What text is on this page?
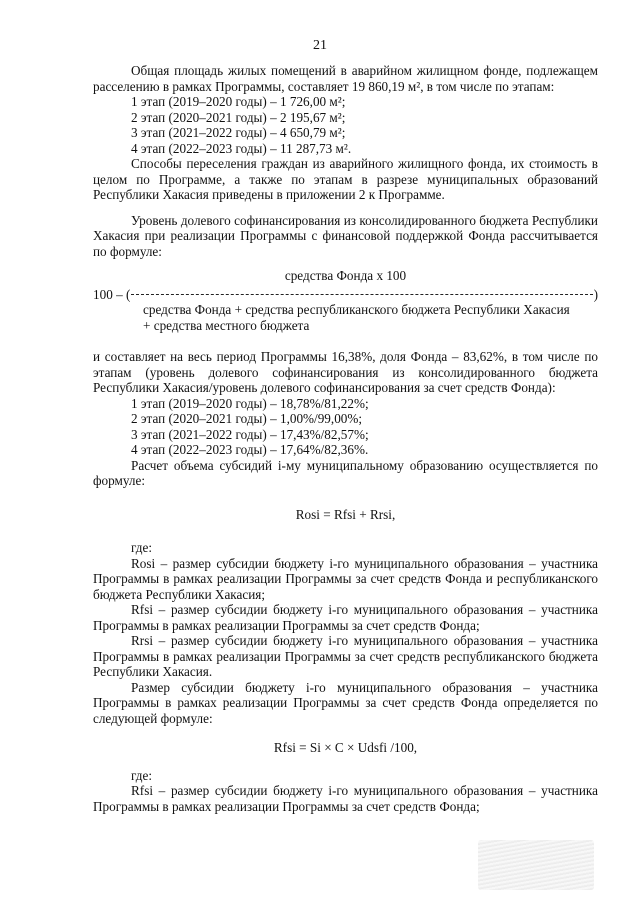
21

Общая площадь жилых помещений в аварийном жилищном фонде, подлежащем расселению в рамках Программы, составляет 19 860,19 м², в том числе по этапам:

1 этап (2019–2020 годы) – 1 726,00 м²;

2 этап (2020–2021 годы) – 2 195,67 м²;

3 этап (2021–2022 годы) – 4 650,79 м²;

4 этап (2022–2023 годы) – 11 287,73 м².

Способы переселения граждан из аварийного жилищного фонда, их стоимость в целом по Программе, а также по этапам в разрезе муниципальных образований Республики Хакасия приведены в приложении 2 к Программе.

Уровень долевого софинансирования из консолидированного бюджета Республики Хакасия при реализации Программы с финансовой поддержкой Фонда рассчитывается по формуле:

средства Фонда x 100

100 – (	)

средства Фонда + средства республиканского бюджета Республики Хакасия

+ средства местного бюджета

и составляет на весь период Программы 16,38%, доля Фонда – 83,62%, в том числе по этапам (уровень долевого софинансирования из консолидированного бюджета Республики Хакасия/уровень долевого софинансирования за счет средств Фонда):

1 этап (2019–2020 годы) – 18,78%/81,22%;

2 этап (2020–2021 годы) – 1,00%/99,00%;

3 этап (2021–2022 годы) – 17,43%/82,57%;

4 этап (2022–2023 годы) – 17,64%/82,36%.

Расчет объема субсидий i-му муниципальному образованию осуществляется по формуле:

Rosi = Rfsi + Rrsi,

где:

Rosi – размер субсидии бюджету i-го муниципального образования – участника Программы в рамках реализации Программы за счет средств Фонда и республиканского бюджета Республики Хакасия;

Rfsi – размер субсидии бюджету i-го муниципального образования – участника Программы в рамках реализации Программы за счет средств Фонда;

Rrsi – размер субсидии бюджету i-го муниципального образования – участника Программы в рамках реализации Программы за счет средств республиканского бюджета Республики Хакасия.

Размер субсидии бюджету i-го муниципального образования – участника Программы в рамках реализации Программы за счет средств Фонда определяется по следующей формуле:

Rfsi = Si × C × Udsfi /100,

где:

Rfsi – размер субсидии бюджету i-го муниципального образования – участника Программы в рамках реализации Программы за счет средств Фонда;
